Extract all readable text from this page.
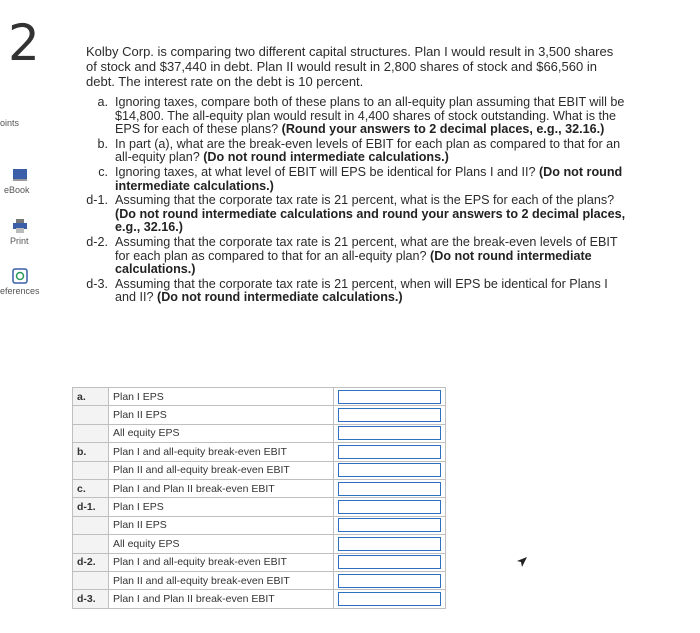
2
oints
eBook
Print
eferences
Kolby Corp. is comparing two different capital structures. Plan I would result in 3,500 shares of stock and $37,440 in debt. Plan II would result in 2,800 shares of stock and $66,560 in debt. The interest rate on the debt is 10 percent.
a. Ignoring taxes, compare both of these plans to an all-equity plan assuming that EBIT will be $14,800. The all-equity plan would result in 4,400 shares of stock outstanding. What is the EPS for each of these plans? (Round your answers to 2 decimal places, e.g., 32.16.)
b. In part (a), what are the break-even levels of EBIT for each plan as compared to that for an all-equity plan? (Do not round intermediate calculations.)
c. Ignoring taxes, at what level of EBIT will EPS be identical for Plans I and II? (Do not round intermediate calculations.)
d-1. Assuming that the corporate tax rate is 21 percent, what is the EPS for each of the plans? (Do not round intermediate calculations and round your answers to 2 decimal places, e.g., 32.16.)
d-2. Assuming that the corporate tax rate is 21 percent, what are the break-even levels of EBIT for each plan as compared to that for an all-equity plan? (Do not round intermediate calculations.)
d-3. Assuming that the corporate tax rate is 21 percent, when will EPS be identical for Plans I and II? (Do not round intermediate calculations.)
a.	Plan I EPS	

	Plan II EPS	

	All equity EPS	

b.	Plan I and all-equity break-even EBIT	

	Plan II and all-equity break-even EBIT	

c.	Plan I and Plan II break-even EBIT	

d-1.	Plan I EPS	

	Plan II EPS	

	All equity EPS	

d-2.	Plan I and all-equity break-even EBIT	

	Plan II and all-equity break-even EBIT	

d-3.	Plan I and Plan II break-even EBIT	
